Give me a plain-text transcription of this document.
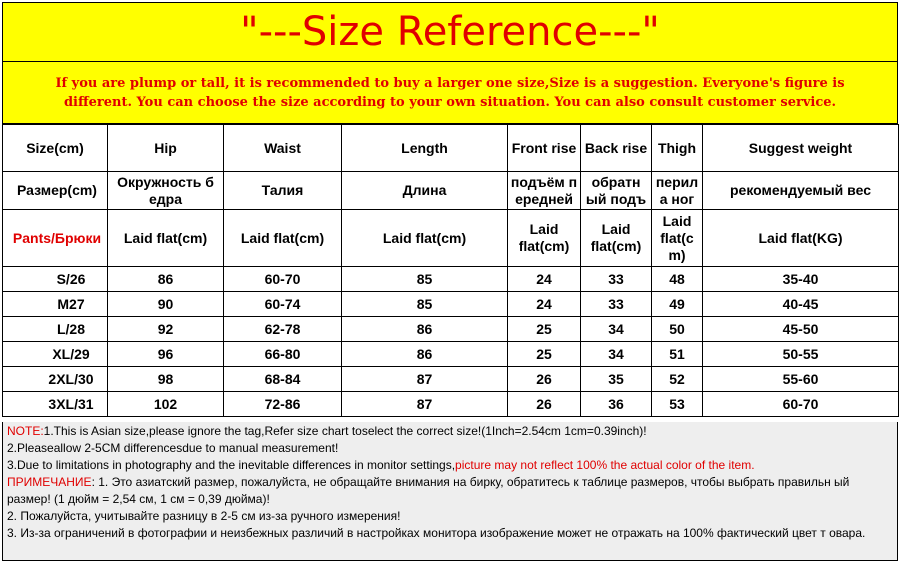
"---Size Reference---"
If you are plump or tall, it is recommended to buy a larger one size,Size is a suggestion. Everyone's figure is
different. You can choose the size according to your own situation. You can also consult customer service.
Size(cm)	Hip	Waist	Length	Front rise	Back rise	Thigh	Suggest weight
Размер(cm)	Окружность б едра	Талия	Длина	подъём п ередней	обратн ый подъ	перил а ног	рекомендуемый вес
Pants/Брюки	Laid flat(cm)	Laid flat(cm)	Laid flat(cm)	Laid flat(cm)	Laid flat(cm)	Laid flat(c m)	Laid flat(KG)
S/26	86	60-70	85	24	33	48	35-40
M27	90	60-74	85	24	33	49	40-45
L/28	92	62-78	86	25	34	50	45-50
XL/29	96	66-80	86	25	34	51	50-55
2XL/30	98	68-84	87	26	35	52	55-60
3XL/31	102	72-86	87	26	36	53	60-70
NOTE:1.This is Asian size,please ignore the tag,Refer size chart toselect the correct size!(1Inch=2.54cm 1cm=0.39inch)!
2.Pleaseallow 2-5CM differencesdue to manual measurement!
3.Due to limitations in photography and the inevitable differences in monitor settings,picture may not reflect 100% the actual color of the item.
ПРИМЕЧАНИЕ: 1. Это азиатский размер, пожалуйста, не обращайте внимания на бирку, обратитесь к таблице размеров, чтобы выбрать правильн ый размер! (1 дюйм = 2,54 см, 1 см = 0,39 дюйма)!
2. Пожалуйста, учитывайте разницу в 2-5 см из-за ручного измерения!
3. Из-за ограничений в фотографии и неизбежных различий в настройках монитора изображение может не отражать на 100% фактический цвет т овара.
